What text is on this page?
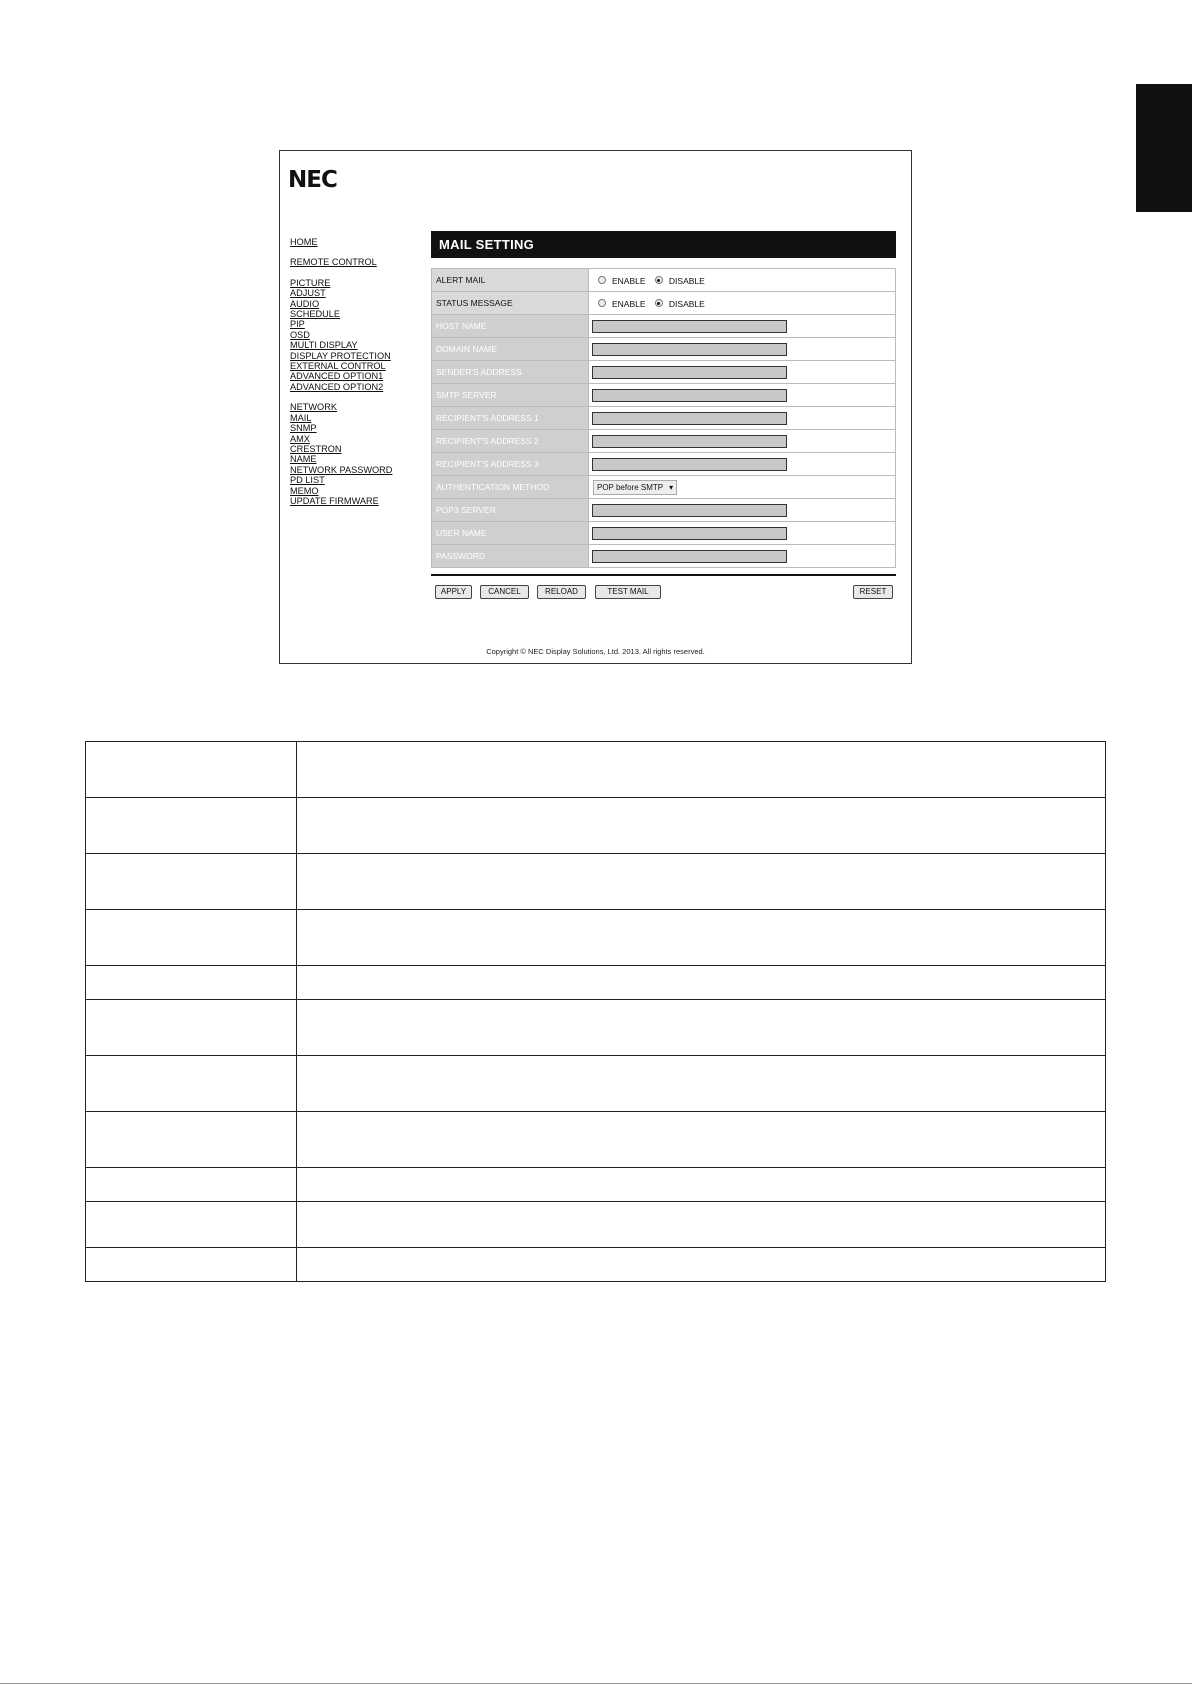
NEC
HOME
REMOTE CONTROL
PICTURE
ADJUST
AUDIO
SCHEDULE
PIP
OSD
MULTI DISPLAY
DISPLAY PROTECTION
EXTERNAL CONTROL
ADVANCED OPTION1
ADVANCED OPTION2
NETWORK
MAIL
SNMP
AMX
CRESTRON
NAME
NETWORK PASSWORD
PD LIST
MEMO
UPDATE FIRMWARE
MAIL SETTING
ALERT MAIL	ENABLE DISABLE
STATUS MESSAGE	ENABLE DISABLE
HOST NAME	

DOMAIN NAME	

SENDER'S ADDRESS	

SMTP SERVER	

RECIPIENT'S ADDRESS 1	

RECIPIENT'S ADDRESS 2	

RECIPIENT'S ADDRESS 3	

AUTHENTICATION METHOD	POP before SMTP ▾

POP3 SERVER	

USER NAME	

PASSWORD	
APPLY	CANCEL	RELOAD	TEST MAIL	RESET
Copyright © NEC Display Solutions, Ltd. 2013. All rights reserved.
